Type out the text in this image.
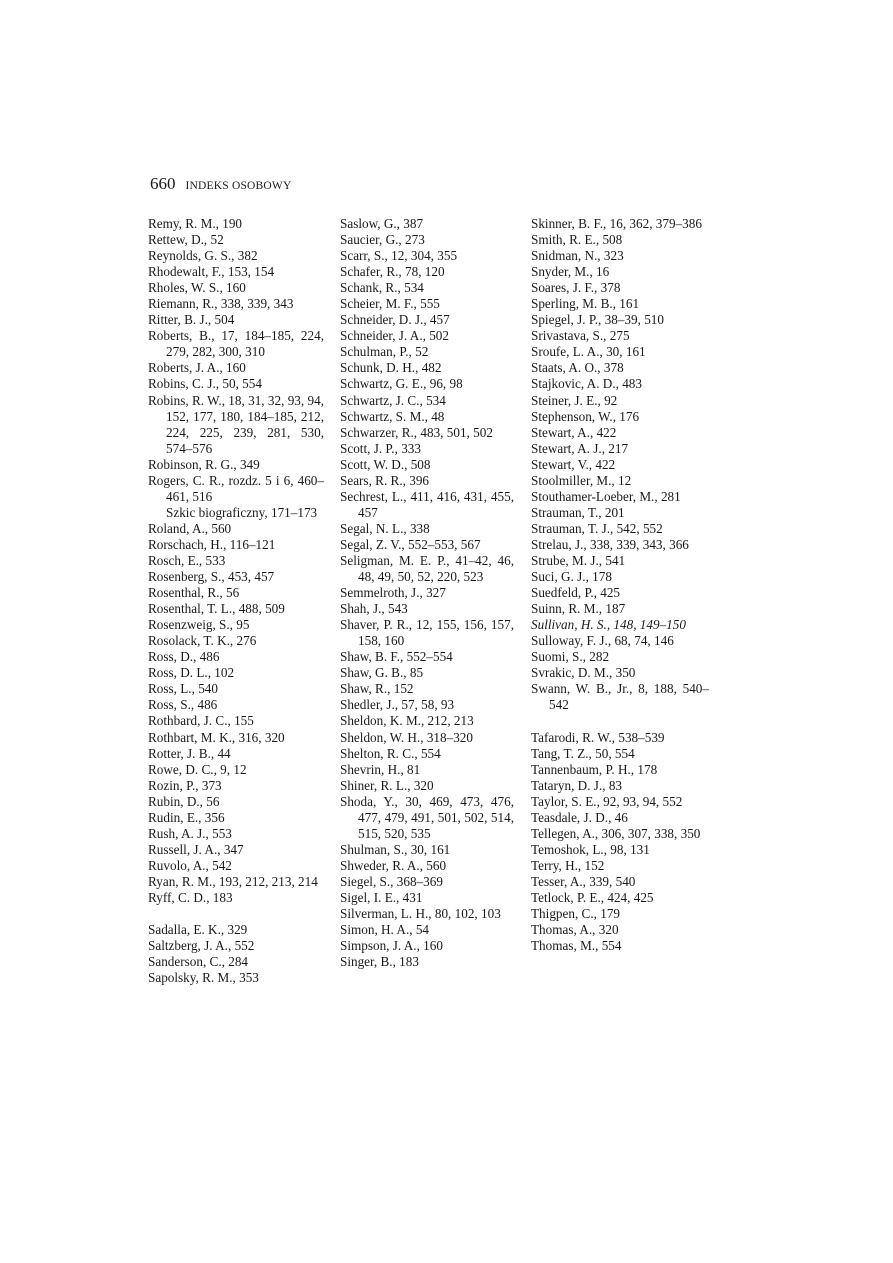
660 INDEKS OSOBOWY
Remy, R. M., 190
Rettew, D., 52
Reynolds, G. S., 382
Rhodewalt, F., 153, 154
Rholes, W. S., 160
Riemann, R., 338, 339, 343
Ritter, B. J., 504
Roberts, B., 17, 184–185, 224, 279, 282, 300, 310
Roberts, J. A., 160
Robins, C. J., 50, 554
Robins, R. W., 18, 31, 32, 93, 94, 152, 177, 180, 184–185, 212, 224, 225, 239, 281, 530, 574–576
Robinson, R. G., 349
Rogers, C. R., rozdz. 5 i 6, 460–461, 516
Szkic biograficzny, 171–173
Roland, A., 560
Rorschach, H., 116–121
Rosch, E., 533
Rosenberg, S., 453, 457
Rosenthal, R., 56
Rosenthal, T. L., 488, 509
Rosenzweig, S., 95
Rosolack, T. K., 276
Ross, D., 486
Ross, D. L., 102
Ross, L., 540
Ross, S., 486
Rothbard, J. C., 155
Rothbart, M. K., 316, 320
Rotter, J. B., 44
Rowe, D. C., 9, 12
Rozin, P., 373
Rubin, D., 56
Rudin, E., 356
Rush, A. J., 553
Russell, J. A., 347
Ruvolo, A., 542
Ryan, R. M., 193, 212, 213, 214
Ryff, C. D., 183
Sadalla, E. K., 329
Saltzberg, J. A., 552
Sanderson, C., 284
Sapolsky, R. M., 353
Saslow, G., 387
Saucier, G., 273
Scarr, S., 12, 304, 355
Schafer, R., 78, 120
Schank, R., 534
Scheier, M. F., 555
Schneider, D. J., 457
Schneider, J. A., 502
Schulman, P., 52
Schunk, D. H., 482
Schwartz, G. E., 96, 98
Schwartz, J. C., 534
Schwartz, S. M., 48
Schwarzer, R., 483, 501, 502
Scott, J. P., 333
Scott, W. D., 508
Sears, R. R., 396
Sechrest, L., 411, 416, 431, 455, 457
Segal, N. L., 338
Segal, Z. V., 552–553, 567
Seligman, M. E. P., 41–42, 46, 48, 49, 50, 52, 220, 523
Semmelroth, J., 327
Shah, J., 543
Shaver, P. R., 12, 155, 156, 157, 158, 160
Shaw, B. F., 552–554
Shaw, G. B., 85
Shaw, R., 152
Shedler, J., 57, 58, 93
Sheldon, K. M., 212, 213
Sheldon, W. H., 318–320
Shelton, R. C., 554
Shevrin, H., 81
Shiner, R. L., 320
Shoda, Y., 30, 469, 473, 476, 477, 479, 491, 501, 502, 514, 515, 520, 535
Shulman, S., 30, 161
Shweder, R. A., 560
Siegel, S., 368–369
Sigel, I. E., 431
Silverman, L. H., 80, 102, 103
Simon, H. A., 54
Simpson, J. A., 160
Singer, B., 183
Skinner, B. F., 16, 362, 379–386
Smith, R. E., 508
Snidman, N., 323
Snyder, M., 16
Soares, J. F., 378
Sperling, M. B., 161
Spiegel, J. P., 38–39, 510
Srivastava, S., 275
Sroufe, L. A., 30, 161
Staats, A. O., 378
Stajkovic, A. D., 483
Steiner, J. E., 92
Stephenson, W., 176
Stewart, A., 422
Stewart, A. J., 217
Stewart, V., 422
Stoolmiller, M., 12
Stouthamer-Loeber, M., 281
Strauman, T., 201
Strauman, T. J., 542, 552
Strelau, J., 338, 339, 343, 366
Strube, M. J., 541
Suci, G. J., 178
Suedfeld, P., 425
Suinn, R. M., 187
Sullivan, H. S., 148, 149–150
Sulloway, F. J., 68, 74, 146
Suomi, S., 282
Svrakic, D. M., 350
Swann, W. B., Jr., 8, 188, 540–542
Tafarodi, R. W., 538–539
Tang, T. Z., 50, 554
Tannenbaum, P. H., 178
Tataryn, D. J., 83
Taylor, S. E., 92, 93, 94, 552
Teasdale, J. D., 46
Tellegen, A., 306, 307, 338, 350
Temoshok, L., 98, 131
Terry, H., 152
Tesser, A., 339, 540
Tetlock, P. E., 424, 425
Thigpen, C., 179
Thomas, A., 320
Thomas, M., 554
